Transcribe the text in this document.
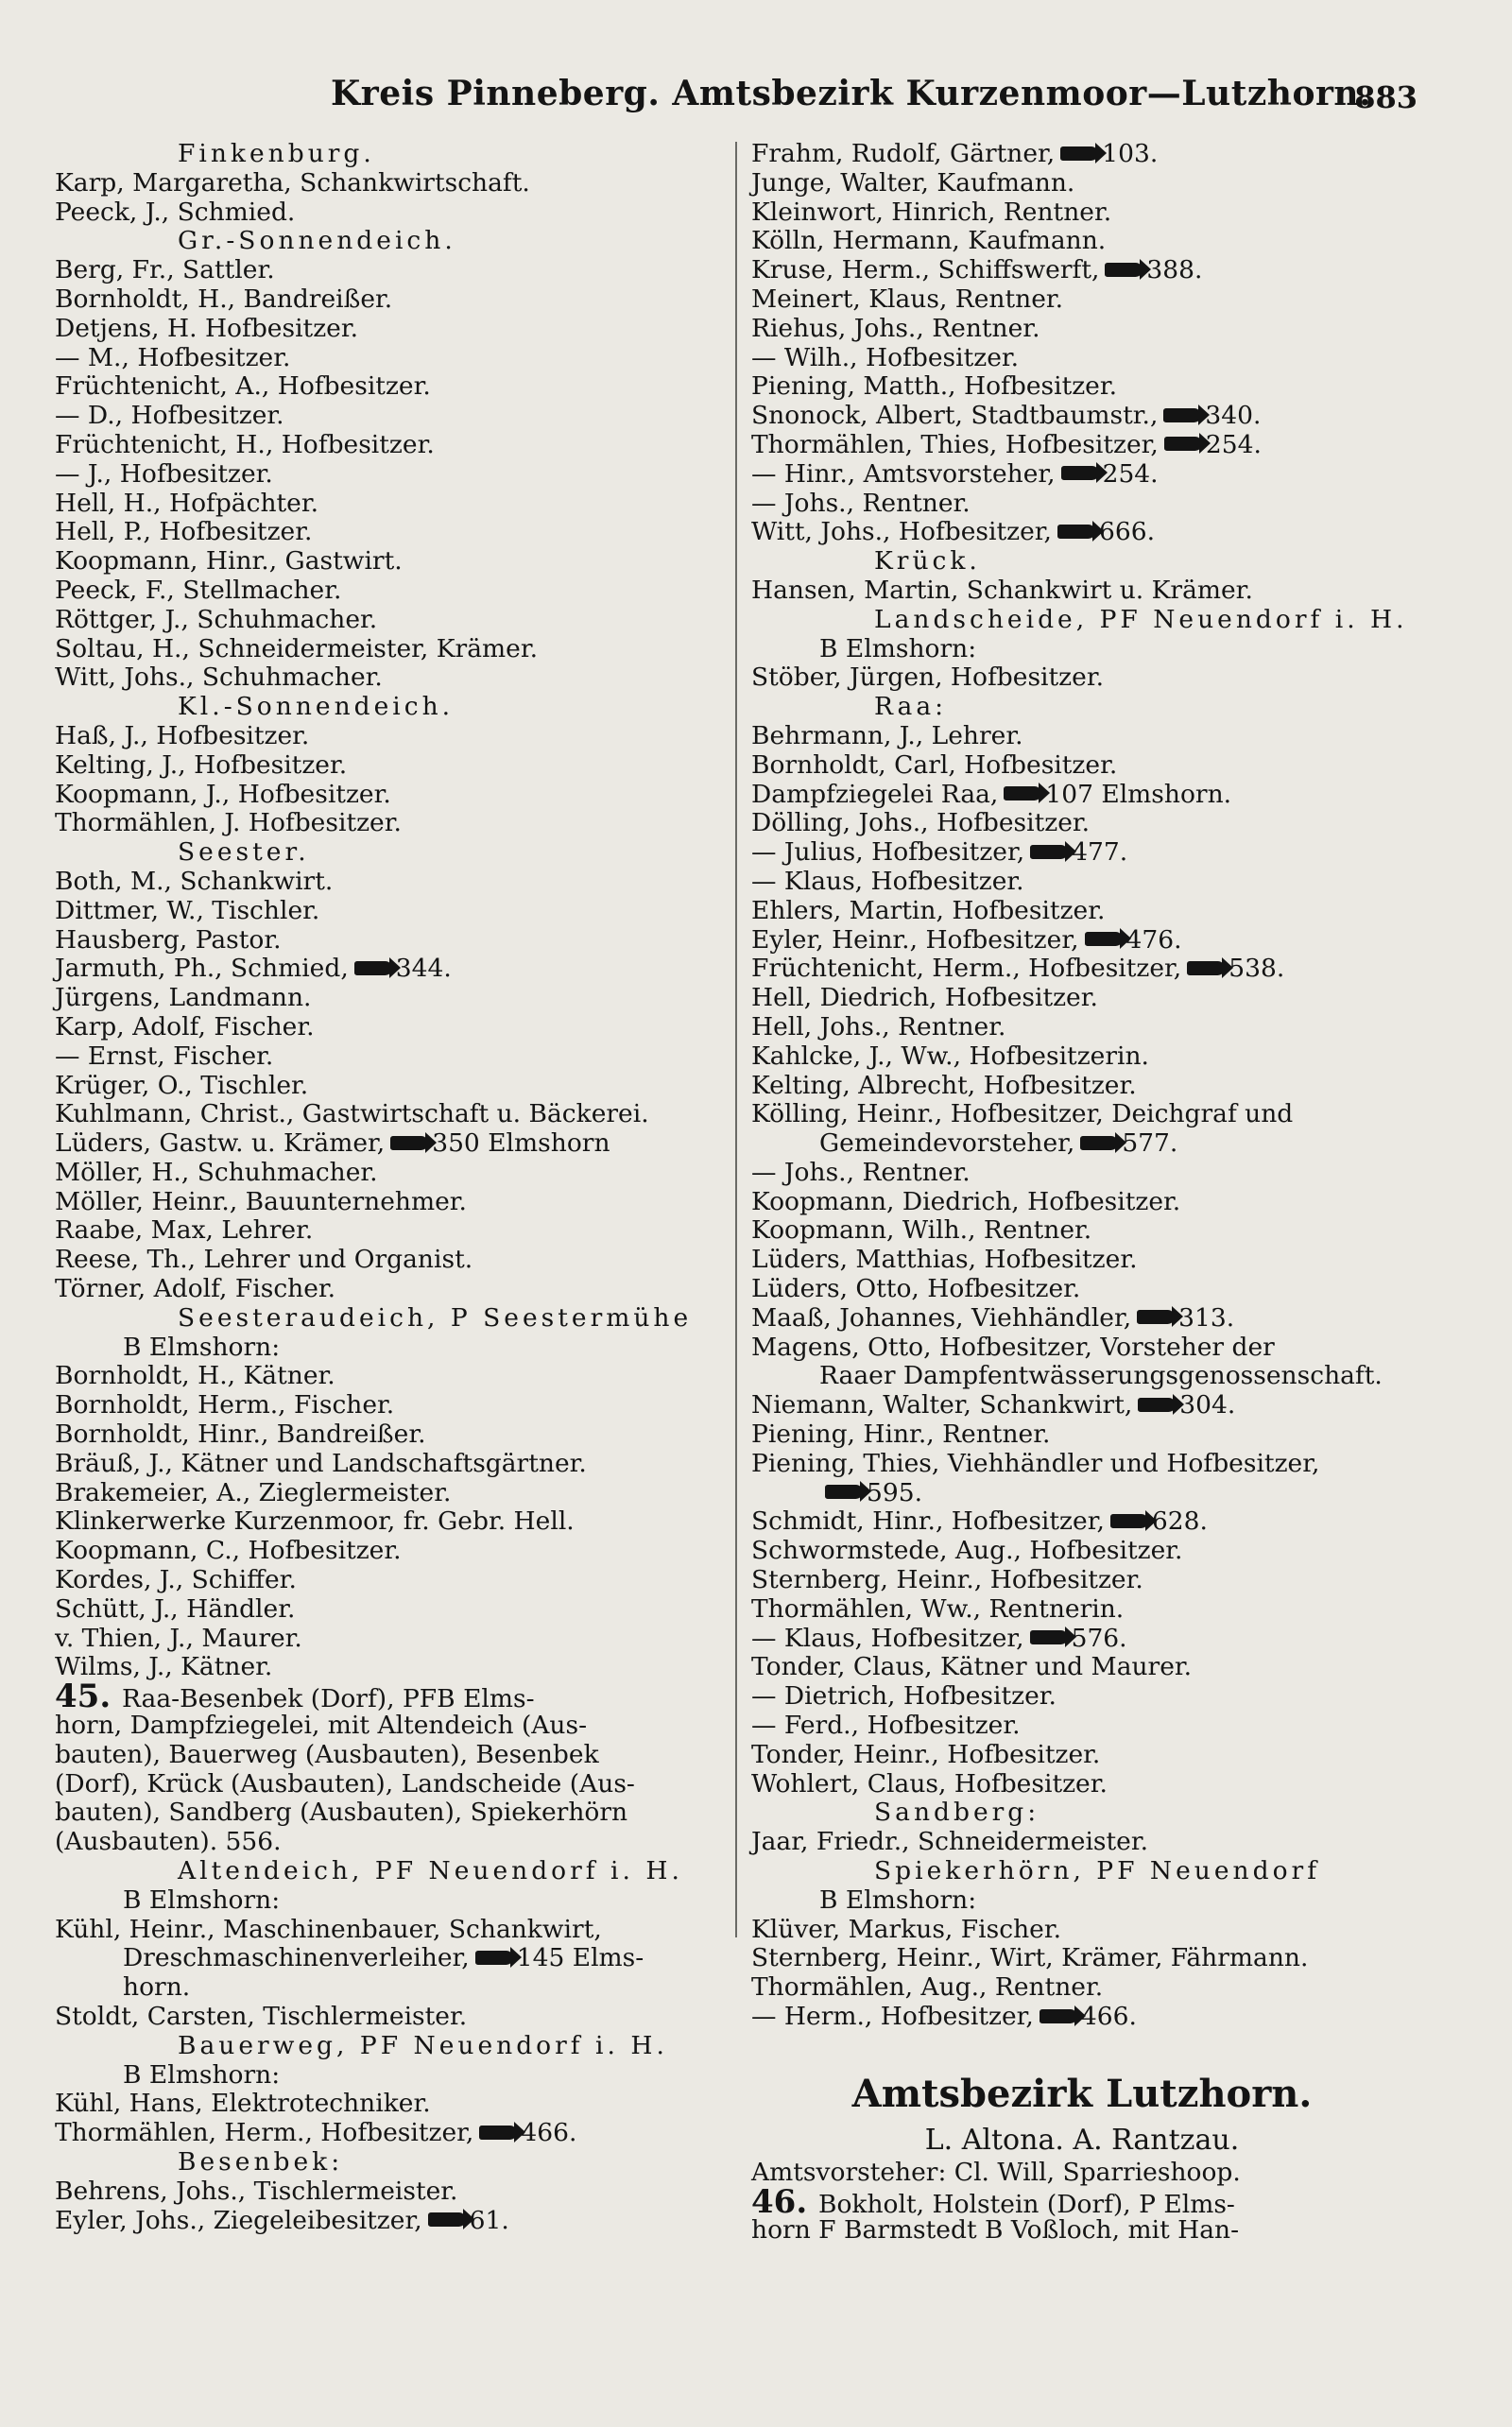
Kreis Pinneberg. Amtsbezirk Kurzenmoor—Lutzhorn.
883
Finkenburg.
Karp, Margaretha, Schankwirtschaft.
Peeck, J., Schmied.
Gr.-Sonnendeich.
Berg, Fr., Sattler.
Bornholdt, H., Bandreißer.
Detjens, H. Hofbesitzer.
— M., Hofbesitzer.
Früchtenicht, A., Hofbesitzer.
— D., Hofbesitzer.
Früchtenicht, H., Hofbesitzer.
— J., Hofbesitzer.
Hell, H., Hofpächter.
Hell, P., Hofbesitzer.
Koopmann, Hinr., Gastwirt.
Peeck, F., Stellmacher.
Röttger, J., Schuhmacher.
Soltau, H., Schneidermeister, Krämer.
Witt, Johs., Schuhmacher.
Kl.-Sonnendeich.
Haß, J., Hofbesitzer.
Kelting, J., Hofbesitzer.
Koopmann, J., Hofbesitzer.
Thormählen, J. Hofbesitzer.
Seester.
Both, M., Schankwirt.
Dittmer, W., Tischler.
Hausberg, Pastor.
Jarmuth, Ph., Schmied, 344.
Jürgens, Landmann.
Karp, Adolf, Fischer.
— Ernst, Fischer.
Krüger, O., Tischler.
Kuhlmann, Christ., Gastwirtschaft u. Bäckerei.
Lüders, Gastw. u. Krämer, 350 Elmshorn
Möller, H., Schuhmacher.
Möller, Heinr., Bauunternehmer.
Raabe, Max, Lehrer.
Reese, Th., Lehrer und Organist.
Törner, Adolf, Fischer.
Seesteraudeich, P Seestermühe
B Elmshorn:
Bornholdt, H., Kätner.
Bornholdt, Herm., Fischer.
Bornholdt, Hinr., Bandreißer.
Bräuß, J., Kätner und Landschaftsgärtner.
Brakemeier, A., Zieglermeister.
Klinkerwerke Kurzenmoor, fr. Gebr. Hell.
Koopmann, C., Hofbesitzer.
Kordes, J., Schiffer.
Schütt, J., Händler.
v. Thien, J., Maurer.
Wilms, J., Kätner.
45. Raa-Besenbek (Dorf), PFB Elms-
horn, Dampfziegelei, mit Altendeich (Aus-
bauten), Bauerweg (Ausbauten), Besenbek
(Dorf), Krück (Ausbauten), Landscheide (Aus-
bauten), Sandberg (Ausbauten), Spiekerhörn
(Ausbauten). 556.
Altendeich, PF Neuendorf i. H.
B Elmshorn:
Kühl, Heinr., Maschinenbauer, Schankwirt,
Dreschmaschinenverleiher, 145 Elms-
horn.
Stoldt, Carsten, Tischlermeister.
Bauerweg, PF Neuendorf i. H.
B Elmshorn:
Kühl, Hans, Elektrotechniker.
Thormählen, Herm., Hofbesitzer, 466.
Besenbek:
Behrens, Johs., Tischlermeister.
Eyler, Johs., Ziegeleibesitzer, 61.
Frahm, Rudolf, Gärtner, 103.
Junge, Walter, Kaufmann.
Kleinwort, Hinrich, Rentner.
Kölln, Hermann, Kaufmann.
Kruse, Herm., Schiffswerft, 388.
Meinert, Klaus, Rentner.
Riehus, Johs., Rentner.
— Wilh., Hofbesitzer.
Piening, Matth., Hofbesitzer.
Snonock, Albert, Stadtbaumstr., 340.
Thormählen, Thies, Hofbesitzer, 254.
— Hinr., Amtsvorsteher, 254.
— Johs., Rentner.
Witt, Johs., Hofbesitzer, 666.
Krück.
Hansen, Martin, Schankwirt u. Krämer.
Landscheide, PF Neuendorf i. H.
B Elmshorn:
Stöber, Jürgen, Hofbesitzer.
Raa:
Behrmann, J., Lehrer.
Bornholdt, Carl, Hofbesitzer.
Dampfziegelei Raa, 107 Elmshorn.
Dölling, Johs., Hofbesitzer.
— Julius, Hofbesitzer, 477.
— Klaus, Hofbesitzer.
Ehlers, Martin, Hofbesitzer.
Eyler, Heinr., Hofbesitzer, 476.
Früchtenicht, Herm., Hofbesitzer, 538.
Hell, Diedrich, Hofbesitzer.
Hell, Johs., Rentner.
Kahlcke, J., Ww., Hofbesitzerin.
Kelting, Albrecht, Hofbesitzer.
Kölling, Heinr., Hofbesitzer, Deichgraf und
Gemeindevorsteher, 577.
— Johs., Rentner.
Koopmann, Diedrich, Hofbesitzer.
Koopmann, Wilh., Rentner.
Lüders, Matthias, Hofbesitzer.
Lüders, Otto, Hofbesitzer.
Maaß, Johannes, Viehhändler, 313.
Magens, Otto, Hofbesitzer, Vorsteher der
Raaer Dampfentwässerungsgenossenschaft.
Niemann, Walter, Schankwirt, 304.
Piening, Hinr., Rentner.
Piening, Thies, Viehhändler und Hofbesitzer,
595.
Schmidt, Hinr., Hofbesitzer, 628.
Schwormstede, Aug., Hofbesitzer.
Sternberg, Heinr., Hofbesitzer.
Thormählen, Ww., Rentnerin.
— Klaus, Hofbesitzer, 576.
Tonder, Claus, Kätner und Maurer.
— Dietrich, Hofbesitzer.
— Ferd., Hofbesitzer.
Tonder, Heinr., Hofbesitzer.
Wohlert, Claus, Hofbesitzer.
Sandberg:
Jaar, Friedr., Schneidermeister.
Spiekerhörn, PF Neuendorf
B Elmshorn:
Klüver, Markus, Fischer.
Sternberg, Heinr., Wirt, Krämer, Fährmann.
Thormählen, Aug., Rentner.
— Herm., Hofbesitzer, 466.
Amtsbezirk Lutzhorn.
L. Altona. A. Rantzau.
Amtsvorsteher: Cl. Will, Sparrieshoop.
46. Bokholt, Holstein (Dorf), P Elms-
horn F Barmstedt B Voßloch, mit Han-
